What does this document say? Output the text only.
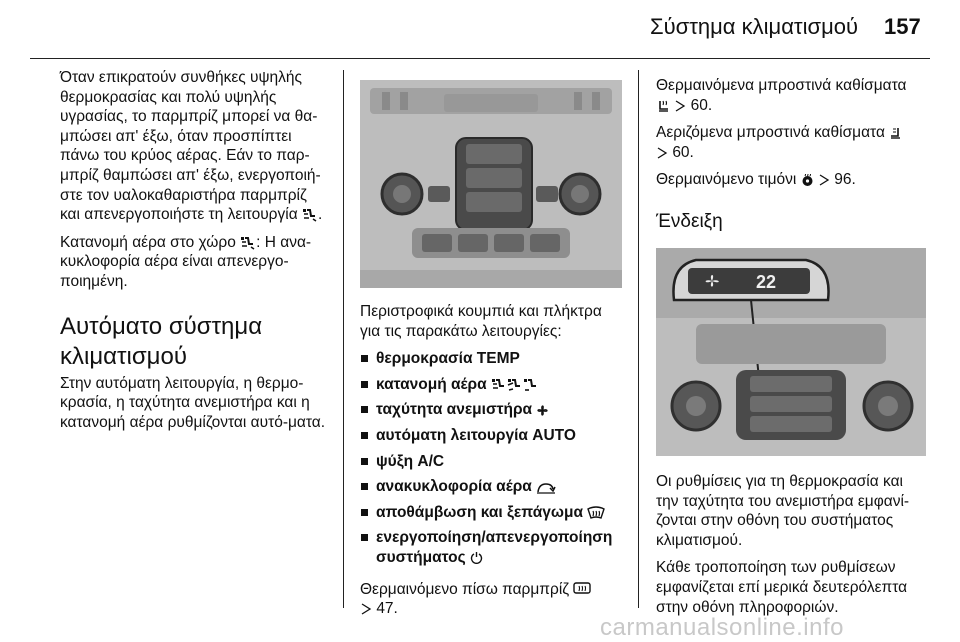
Σύστημα κλιματισμού 157

Όταν επικρατούν συνθήκες υψηλής θερμοκρασίας και πολύ υψηλής υγρασίας, το παρμπρίζ μπορεί να θα-μπώσει απ' έξω, όταν προσπίπτει πάνω του κρύος αέρας. Εάν το παρ-μπρίζ θαμπώσει απ' έξω, ενεργοποιή-στε τον υαλοκαθαριστήρα παρμπρίζ και απενεργοποιήστε τη λειτουργία .

Κατανομή αέρα στο χώρο : Η ανα-κυκλοφορία αέρα είναι απενεργο-ποιημένη.

Αυτόματο σύστημα κλιματισμού

Στην αυτόματη λειτουργία, η θερμο-κρασία, η ταχύτητα ανεμιστήρα και η κατανομή αέρα ρυθμίζονται αυτό-ματα.

Περιστροφικά κουμπιά και πλήκτρα για τις παρακάτω λειτουργίες:

θερμοκρασία TEMP
κατανομή αέρα
ταχύτητα ανεμιστήρα
αυτόματη λειτουργία AUTO
ψύξη A/C
ανακυκλοφορία αέρα
αποθάμβωση και ξεπάγωμα
ενεργοποίηση/απενεργοποίηση συστήματος

Θερμαινόμενο πίσω παρμπρίζ

47.

Θερμαινόμενα μπροστινά καθίσματα

60.

Αεριζόμενα μπροστινά καθίσματα

60.

Θερμαινόμενο τιμόνι
96.

Ένδειξη
22

Οι ρυθμίσεις για τη θερμοκρασία και την ταχύτητα του ανεμιστήρα εμφανί-ζονται στην οθόνη του συστήματος κλιματισμού.

Κάθε τροποποίηση των ρυθμίσεων εμφανίζεται επί μερικά δευτερόλεπτα στην οθόνη πληροφοριών.

carmanualsonline.info
